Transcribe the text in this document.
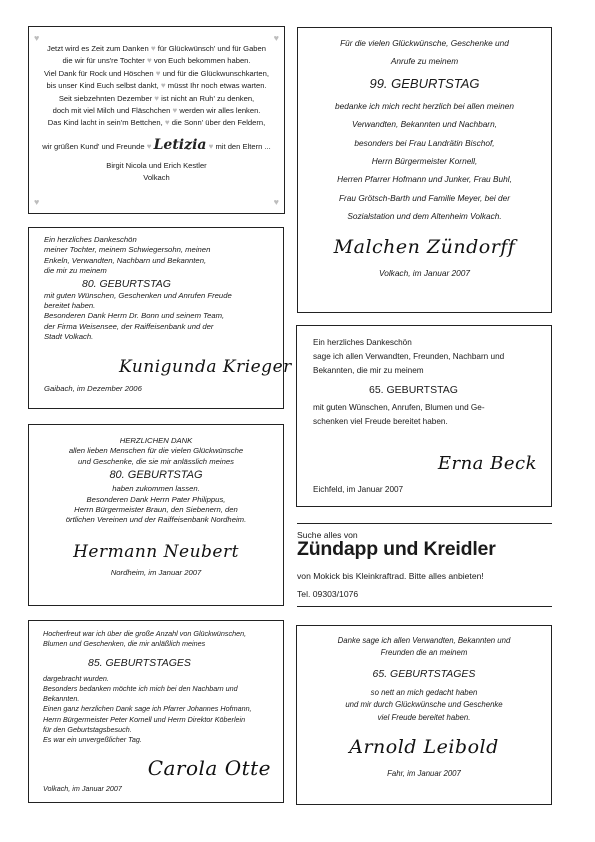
♥	♥
♥	♥
Jetzt wird es Zeit zum Danken ♥ für Glückwünsch' und für Gaben
die wir für uns're Tochter ♥ von Euch bekommen haben.
Viel Dank für Rock und Höschen ♥ und für die Glückwunschkarten,
bis unser Kind Euch selbst dankt, ♥ müsst Ihr noch etwas warten.
Seit siebzehnten Dezember ♥ ist nicht an Ruh' zu denken,
doch mit viel Milch und Fläschchen ♥ werden wir alles lenken.
Das Kind lacht in sein'm Bettchen, ♥ die Sonn' über den Feldern,
wir grüßen Kund' und Freunde ♥ Letizia ♥ mit den Eltern ...
Birgit Nicola und Erich Kestler
Volkach
Für die vielen Glückwünsche, Geschenke und
Anrufe zu meinem
99. GEBURTSTAG
bedanke ich mich recht herzlich bei allen meinen
Verwandten, Bekannten und Nachbarn,
besonders bei Frau Landrätin Bischof,
Herrn Bürgermeister Kornell,
Herren Pfarrer Hofmann und Junker, Frau Buhl,
Frau Grötsch-Barth und Familie Meyer, bei der
Sozialstation und dem Altenheim Volkach.
Malchen Zündorff
Volkach, im Januar 2007
Ein herzliches Dankeschön
meiner Tochter, meinem Schwiegersohn, meinen
Enkeln, Verwandten, Nachbarn und Bekannten,
die mir zu meinem
80. GEBURTSTAG
mit guten Wünschen, Geschenken und Anrufen Freude
bereitet haben.
Besonderen Dank Herrn Dr. Bonn und seinem Team,
der Firma Weisensee, der Raiffeisenbank und der
Stadt Volkach.
Kunigunda Krieger
Gaibach, im Dezember 2006
Ein herzliches Dankeschön
sage ich allen Verwandten, Freunden, Nachbarn und
Bekannten, die mir zu meinem
65. GEBURTSTAG
mit guten Wünschen, Anrufen, Blumen und Ge-
schenken viel Freude bereitet haben.
Erna Beck
Eichfeld, im Januar 2007
HERZLICHEN DANK
allen lieben Menschen für die vielen Glückwünsche
und Geschenke, die sie mir anlässlich meines
80. GEBURTSTAG
haben zukommen lassen.
Besonderen Dank Herrn Pater Philippus,
Herrn Bürgermeister Braun, den Siebenern, den
örtlichen Vereinen und der Raiffeisenbank Nordheim.
Hermann Neubert
Nordheim, im Januar 2007
Suche alles von
Zündapp und Kreidler
von Mokick bis Kleinkraftrad. Bitte alles anbieten!
Tel. 09303/1076
Hocherfreut war ich über die große Anzahl von Glückwünschen,
Blumen und Geschenken, die mir anläßlich meines
85. GEBURTSTAGES
dargebracht wurden.
Besonders bedanken möchte ich mich bei den Nachbarn und
Bekannten.
Einen ganz herzlichen Dank sage ich Pfarrer Johannes Hofmann,
Herrn Bürgermeister Peter Kornell und Herrn Direktor Köberlein
für den Geburtstagsbesuch.
Es war ein unvergeßlicher Tag.
Carola Otte
Volkach, im Januar 2007
Danke sage ich allen Verwandten, Bekannten und
Freunden die an meinem
65. GEBURTSTAGES
so nett an mich gedacht haben
und mir durch Glückwünsche und Geschenke
viel Freude bereitet haben.
Arnold Leibold
Fahr, im Januar 2007
